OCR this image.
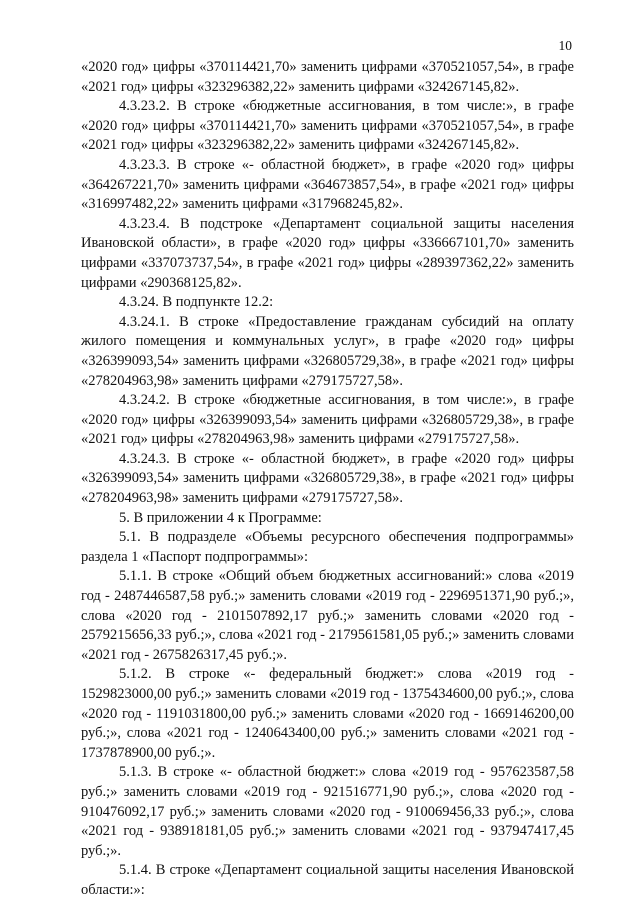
10

«2020 год» цифры «370114421,70» заменить цифрами «370521057,54», в графе «2021 год» цифры «323296382,22» заменить цифрами «324267145,82».

4.3.23.2. В строке «бюджетные ассигнования, в том числе:», в графе «2020 год» цифры «370114421,70» заменить цифрами «370521057,54», в графе «2021 год» цифры «323296382,22» заменить цифрами «324267145,82».

4.3.23.3. В строке «- областной бюджет», в графе «2020 год» цифры «364267221,70» заменить цифрами «364673857,54», в графе «2021 год» цифры «316997482,22» заменить цифрами «317968245,82».

4.3.23.4. В подстроке «Департамент социальной защиты населения Ивановской области», в графе «2020 год» цифры «336667101,70» заменить цифрами «337073737,54», в графе «2021 год» цифры «289397362,22» заменить цифрами «290368125,82».

4.3.24. В подпункте 12.2:

4.3.24.1. В строке «Предоставление гражданам субсидий на оплату жилого помещения и коммунальных услуг», в графе «2020 год» цифры «326399093,54» заменить цифрами «326805729,38», в графе «2021 год» цифры «278204963,98» заменить цифрами «279175727,58».

4.3.24.2. В строке «бюджетные ассигнования, в том числе:», в графе «2020 год» цифры «326399093,54» заменить цифрами «326805729,38», в графе «2021 год» цифры «278204963,98» заменить цифрами «279175727,58».

4.3.24.3. В строке «- областной бюджет», в графе «2020 год» цифры «326399093,54» заменить цифрами «326805729,38», в графе «2021 год» цифры «278204963,98» заменить цифрами «279175727,58».

5. В приложении 4 к Программе:

5.1. В подразделе «Объемы ресурсного обеспечения подпрограммы» раздела 1 «Паспорт подпрограммы»:

5.1.1. В строке «Общий объем бюджетных ассигнований:» слова «2019 год - 2487446587,58 руб.;» заменить словами «2019 год - 2296951371,90 руб.;», слова «2020 год - 2101507892,17 руб.;» заменить словами «2020 год - 2579215656,33 руб.;», слова «2021 год - 2179561581,05 руб.;» заменить словами «2021 год - 2675826317,45 руб.;».

5.1.2. В строке «- федеральный бюджет:» слова «2019 год - 1529823000,00 руб.;» заменить словами «2019 год - 1375434600,00 руб.;», слова «2020 год - 1191031800,00 руб.;» заменить словами «2020 год - 1669146200,00 руб.;», слова «2021 год - 1240643400,00 руб.;» заменить словами «2021 год - 1737878900,00 руб.;».

5.1.3. В строке «- областной бюджет:» слова «2019 год - 957623587,58 руб.;» заменить словами «2019 год - 921516771,90 руб.;», слова «2020 год - 910476092,17 руб.;» заменить словами «2020 год - 910069456,33 руб.;», слова «2021 год - 938918181,05 руб.;» заменить словами «2021 год - 937947417,45 руб.;».

5.1.4. В строке «Департамент социальной защиты населения Ивановской области:»:
